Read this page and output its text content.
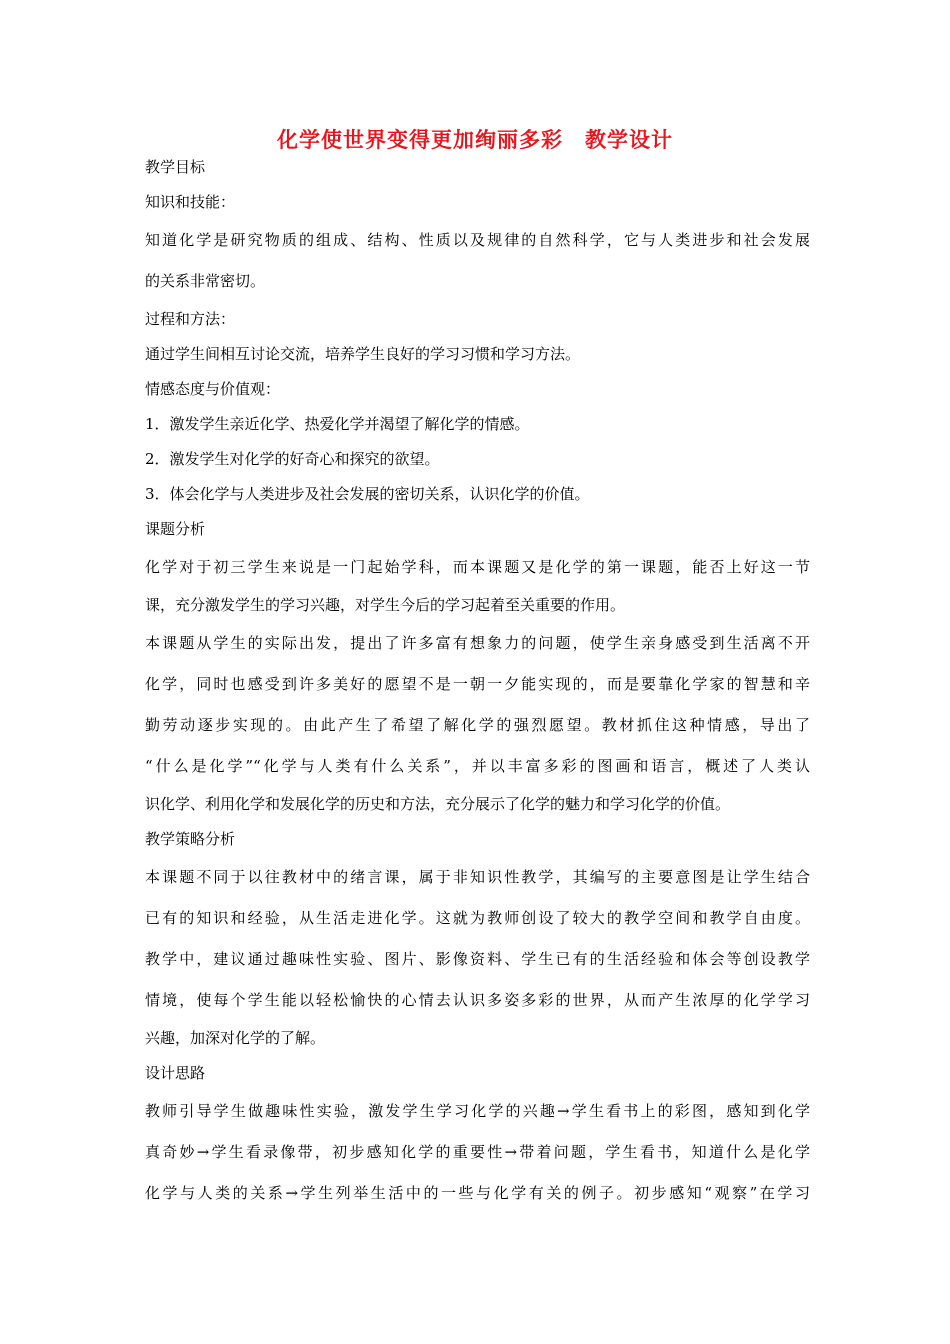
化学使世界变得更加绚丽多彩　教学设计
教学目标
知识和技能：
知道化学是研究物质的组成、结构、性质以及规律的自然科学，它与人类进步和社会发展
的关系非常密切。
过程和方法：
通过学生间相互讨论交流，培养学生良好的学习习惯和学习方法。
情感态度与价值观：
1．激发学生亲近化学、热爱化学并渴望了解化学的情感。
2．激发学生对化学的好奇心和探究的欲望。
3．体会化学与人类进步及社会发展的密切关系，认识化学的价值。
课题分析
化学对于初三学生来说是一门起始学科，而本课题又是化学的第一课题，能否上好这一节
课，充分激发学生的学习兴趣，对学生今后的学习起着至关重要的作用。
本课题从学生的实际出发，提出了许多富有想象力的问题，使学生亲身感受到生活离不开
化学，同时也感受到许多美好的愿望不是一朝一夕能实现的，而是要靠化学家的智慧和辛
勤劳动逐步实现的。由此产生了希望了解化学的强烈愿望。教材抓住这种情感，导出了
“什么是化学”“化学与人类有什么关系”，并以丰富多彩的图画和语言，概述了人类认
识化学、利用化学和发展化学的历史和方法，充分展示了化学的魅力和学习化学的价值。
教学策略分析
本课题不同于以往教材中的绪言课，属于非知识性教学，其编写的主要意图是让学生结合
已有的知识和经验，从生活走进化学。这就为教师创设了较大的教学空间和教学自由度。
教学中，建议通过趣味性实验、图片、影像资料、学生已有的生活经验和体会等创设教学
情境，使每个学生能以轻松愉快的心情去认识多姿多彩的世界，从而产生浓厚的化学学习
兴趣，加深对化学的了解。
设计思路
教师引导学生做趣味性实验，激发学生学习化学的兴趣→学生看书上的彩图，感知到化学
真奇妙→学生看录像带，初步感知化学的重要性→带着问题，学生看书，知道什么是化学
化学与人类的关系→学生列举生活中的一些与化学有关的例子。初步感知“观察”在学习
